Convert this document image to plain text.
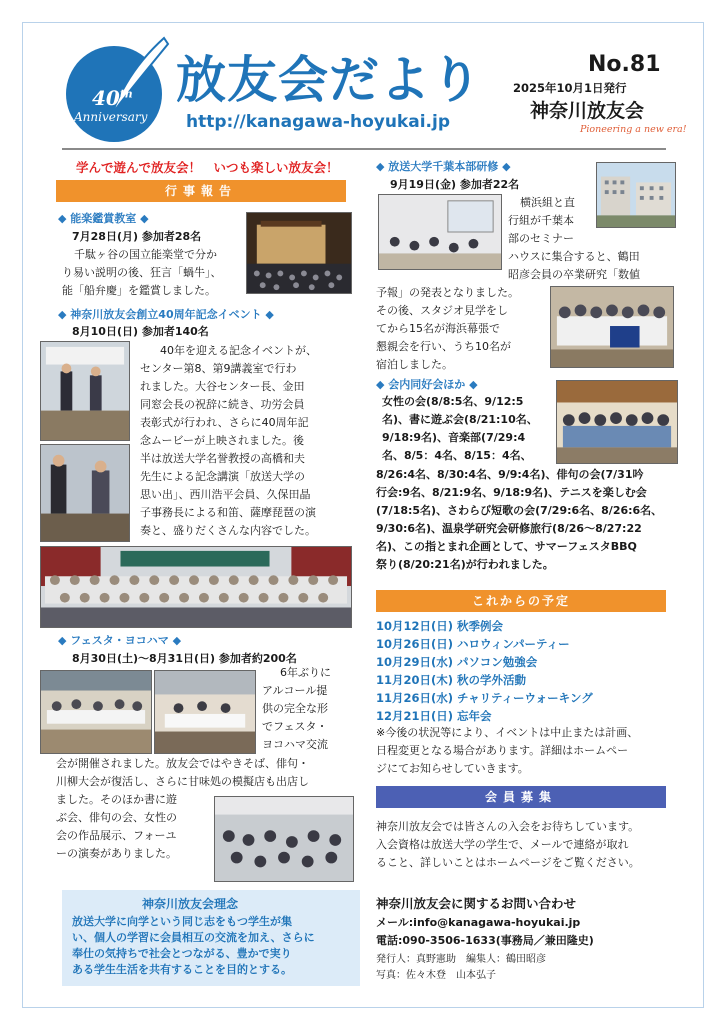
40th
Anniversary
放友会だより
http://kanagawa-hoyukai.jp
No.81
2025年10月1日発行
神奈川放友会
Pioneering a new era!
学んで遊んで放友会！　いつも楽しい放友会！
行事報告
◆ 能楽鑑賞教室 ◆
7月28日(月) 参加者28名
千駄ヶ谷の国立能楽堂で分か
り易い説明の後、狂言「蝸牛」、
能「船弁慶」を鑑賞しました。
◆ 神奈川放友会創立40周年記念イベント ◆
8月10日(日) 参加者140名
40年を迎える記念イベントが、
センター第8、第9講義室で行わ
れました。大谷センター長、金田
同窓会長の祝辞に続き、功労会員
表彰式が行われ、さらに40周年記
念ムービーが上映されました。後
半は放送大学名誉教授の高橋和夫
先生による記念講演「放送大学の
思い出」、西川浩平会員、久保田晶
子事務長による和笛、薩摩琵琶の演
奏と、盛りだくさんな内容でした。
◆ フェスタ・ヨコハマ ◆
8月30日(土)～8月31日(日) 参加者約200名
6年ぶりに
アルコール提
供の完全な形
でフェスタ・
ヨコハマ交流
会が開催されました。放友会ではやきそば、俳句・
川柳大会が復活し、さらに甘味処の模擬店も出店し
ました。そのほか書に遊
ぶ会、俳句の会、女性の
会の作品展示、フォーユ
ーの演奏がありました。
◆ 放送大学千葉本部研修 ◆
9月19日(金) 参加者22名
横浜組と直
行組が千葉本
部のセミナー
ハウスに集合すると、鶴田
昭彦会員の卒業研究「数値
予報」の発表となりました。
その後、スタジオ見学をし
てから15名が海浜幕張で
懇親会を行い、うち10名が
宿泊しました。
◆ 会内同好会ほか ◆
女性の会(8/8:5名、9/12:5
名)、書に遊ぶ会(8/21:10名、
9/18:9名)、音楽部(7/29:4
名、8/5：4名、8/15：4名、
8/26:4名、8/30:4名、9/9:4名)、俳句の会(7/31吟
行会:9名、8/21:9名、9/18:9名)、テニスを楽しむ会
(7/18:5名)、さわらび短歌の会(7/29:6名、8/26:6名、
9/30:6名)、温泉学研究会研修旅行(8/26～8/27:22
名)、この指とまれ企画として、サマーフェスタBBQ
祭り(8/20:21名)が行われました。
これからの予定
10月12日(日) 秋季例会
10月26日(日) ハロウィンパーティー
10月29日(水) パソコン勉強会
11月20日(木) 秋の学外活動
11月26日(水) チャリティーウォーキング
12月21日(日) 忘年会
※今後の状況等により、イベントは中止または計画、
日程変更となる場合があります。詳細はホームペー
ジにてお知らせしていきます。
会員募集
神奈川放友会では皆さんの入会をお待ちしています。
入会資格は放送大学の学生で、メールで連絡が取れ
ること、詳しいことはホームページをご覧ください。
神奈川放友会理念
放送大学に向学という同じ志をもつ学生が集
い、個人の学習に会員相互の交流を加え、さらに
奉仕の気持ちで社会とつながる、豊かで実り
ある学生生活を共有することを目的とする。
神奈川放友会に関するお問い合わせ
メール:info@kanagawa-hoyukai.jp
電話:090-3506-1633(事務局／兼田隆史)
発行人：真野憲助　編集人：鶴田昭彦
写真：佐々木登　山本弘子
